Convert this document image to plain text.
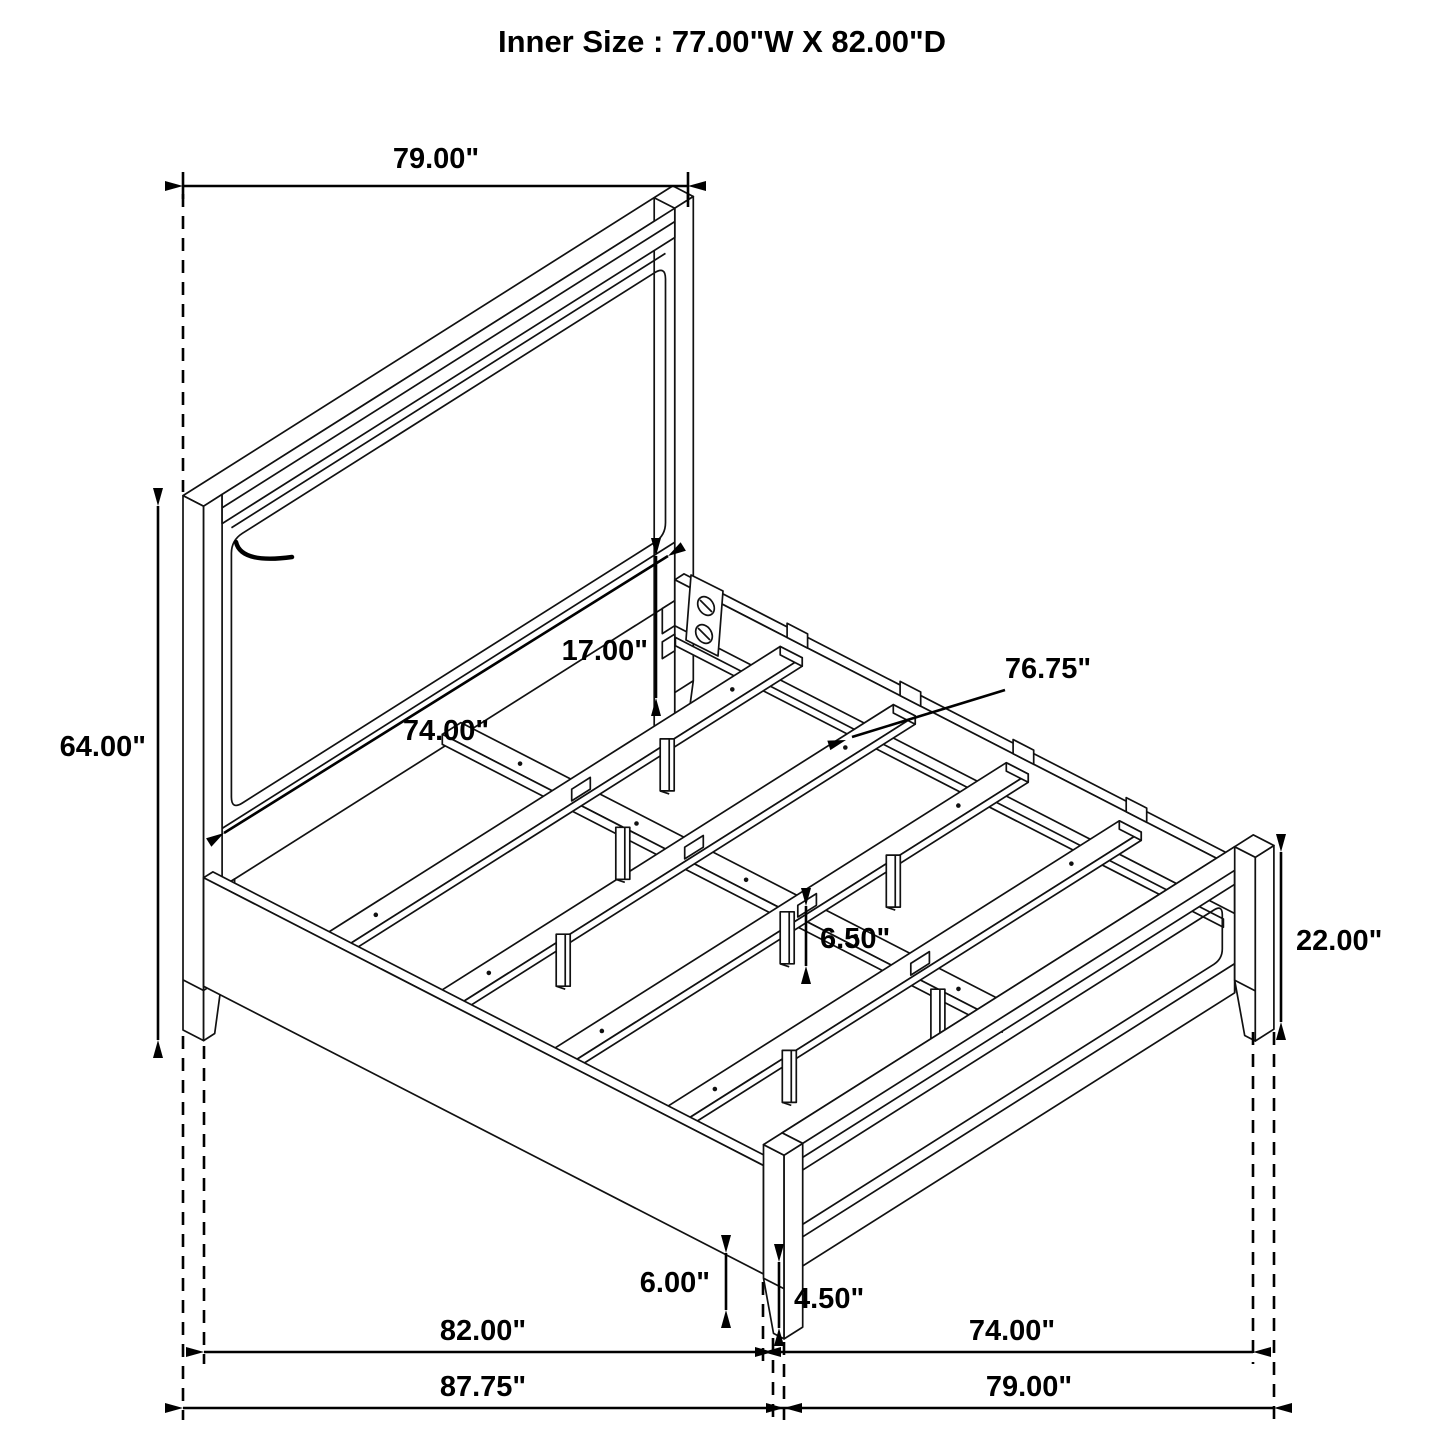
Inner Size : 77.00"W X 82.00"D
79.00"
64.00"	74.00"
17.00"
76.75"
22.00"
6.50"
6.00"	4.50"
82.00"	74.00"
87.75"	79.00"
